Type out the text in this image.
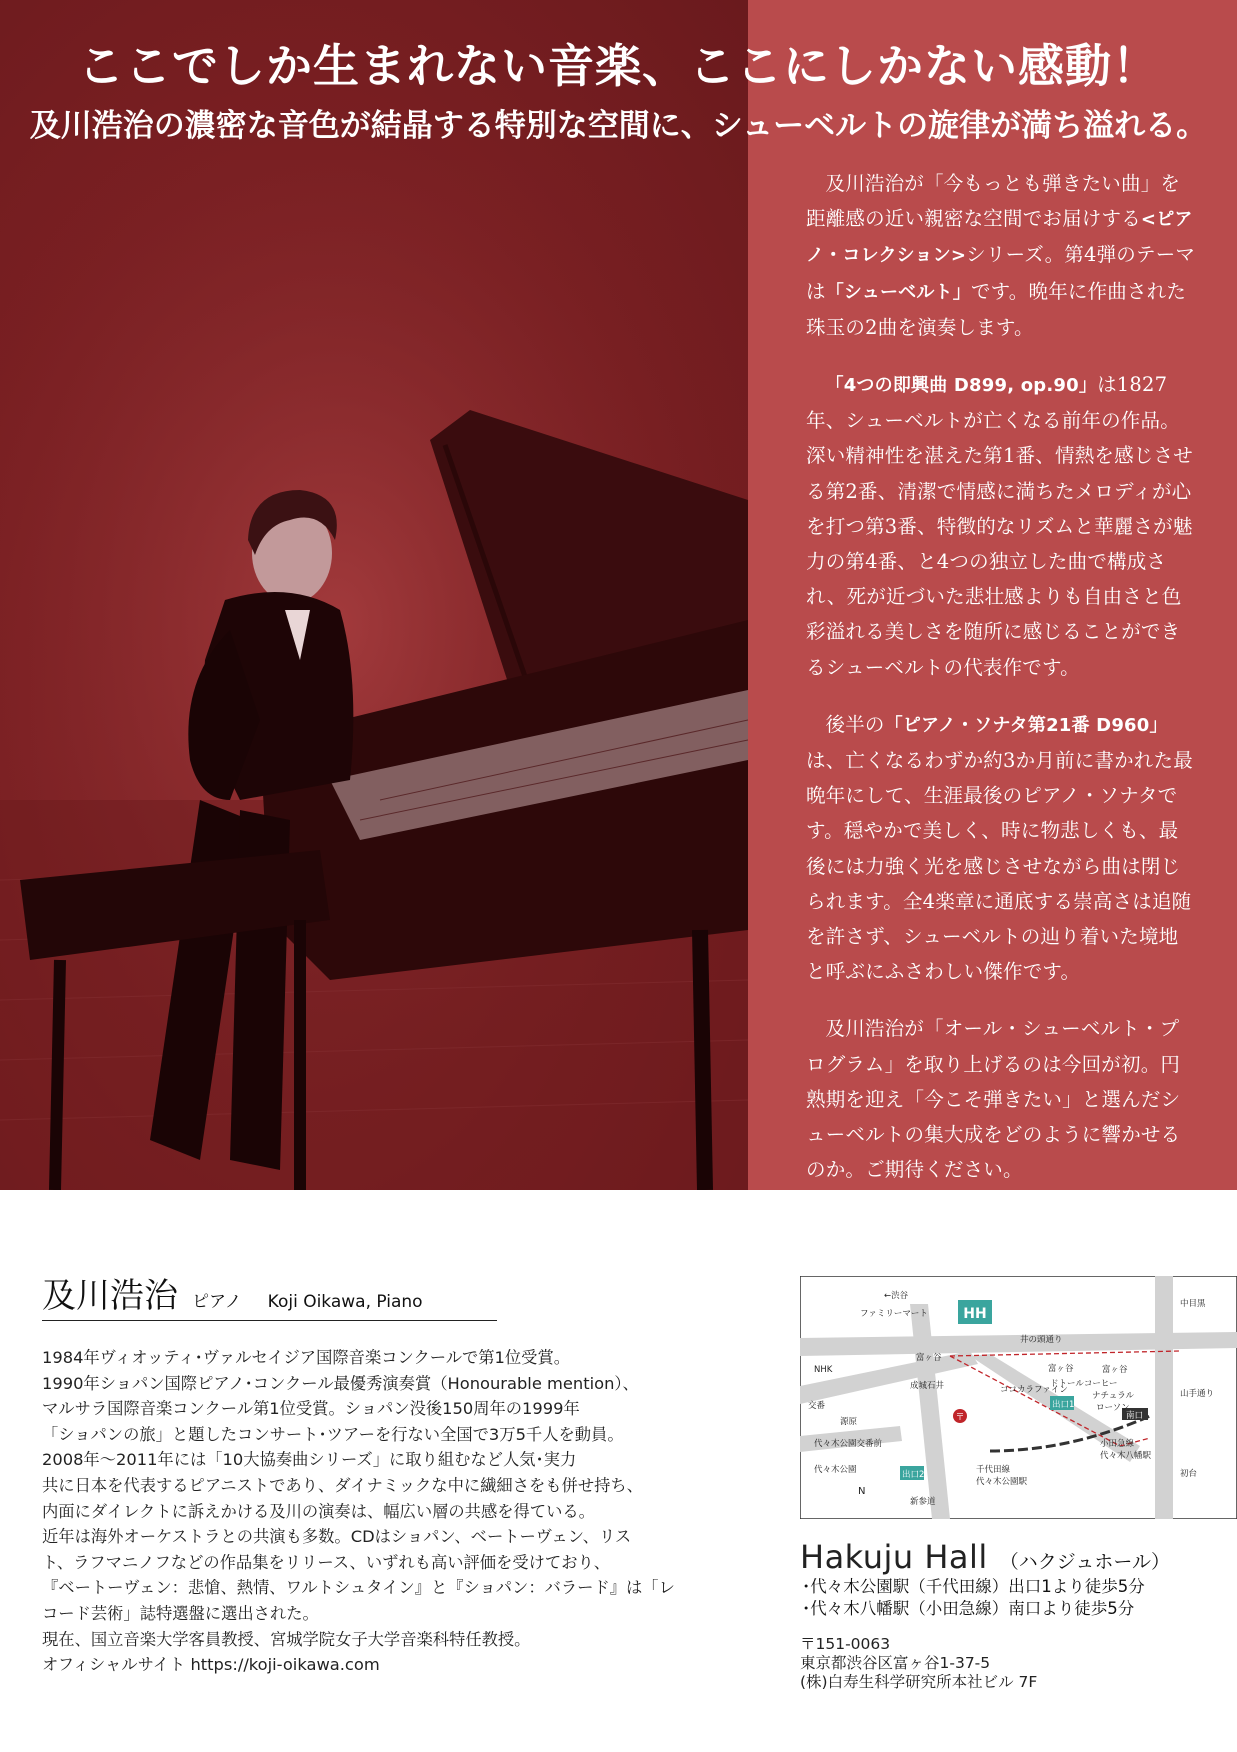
ここでしか生まれない音楽、ここにしかない感動！
及川浩治の濃密な音色が結晶する特別な空間に、シューベルトの旋律が満ち溢れる。

及川浩治が「今もっとも弾きたい曲」を距離感の近い親密な空間でお届けする<ピアノ・コレクション>シリーズ。第4弾のテーマは「シューベルト」です。晩年に作曲された珠玉の2曲を演奏します。

「4つの即興曲 D899, op.90」は1827年、シューベルトが亡くなる前年の作品。深い精神性を湛えた第1番、情熱を感じさせる第2番、清潔で情感に満ちたメロディが心を打つ第3番、特徴的なリズムと華麗さが魅力の第4番、と4つの独立した曲で構成され、死が近づいた悲壮感よりも自由さと色彩溢れる美しさを随所に感じることができるシューベルトの代表作です。

後半の「ピアノ・ソナタ第21番 D960」は、亡くなるわずか約3か月前に書かれた最晩年にして、生涯最後のピアノ・ソナタです。穏やかで美しく、時に物悲しくも、最後には力強く光を感じさせながら曲は閉じられます。全4楽章に通底する崇高さは追随を許さず、シューベルトの辿り着いた境地と呼ぶにふさわしい傑作です。

及川浩治が「オール・シューベルト・プログラム」を取り上げるのは今回が初。円熟期を迎え「今こそ弾きたい」と選んだシューベルトの集大成をどのように響かせるのか。ご期待ください。

及川浩治 ピアノ Koji Oikawa, Piano
1984年ヴィオッティ･ヴァルセイジア国際音楽コンクールで第1位受賞。
1990年ショパン国際ピアノ･コンクール最優秀演奏賞（Honourable mention）、
マルサラ国際音楽コンクール第1位受賞。ショパン没後150周年の1999年
「ショパンの旅」と題したコンサート･ツアーを行ない全国で3万5千人を動員。
2008年～2011年には「10大協奏曲シリーズ」に取り組むなど人気･実力
共に日本を代表するピアニストであり、ダイナミックな中に繊細さをも併せ持ち、
内面にダイレクトに訴えかける及川の演奏は、幅広い層の共感を得ている。
近年は海外オーケストラとの共演も多数。CDはショパン、ベートーヴェン、リス
ト、ラフマニノフなどの作品集をリリース、いずれも高い評価を受けており、
『ベートーヴェン：悲愴、熱情、ワルトシュタイン』と『ショパン：バラード』は「レ
コード芸術」誌特選盤に選出された。
現在、国立音楽大学客員教授、宮城学院女子大学音楽科特任教授。
オフィシャルサイト https://koji-oikawa.com
HH
〒
←渋谷
ファミリーマート
井の頭通り
NHK
交番
富ヶ谷
富ヶ谷	富ヶ谷
源原
成城石井	ココカラファイン
ドトールコーヒー
ナチュラル
ローソン
代々木公園交番前
代々木公園	出口2
出口1
南口
千代田線
代々木公園駅
小田急線
代々木八幡駅
新参道
山手通り
中目黒
初台
N
Hakuju Hall （ハクジュホール）
･代々木公園駅（千代田線）出口1より徒歩5分
･代々木八幡駅（小田急線）南口より徒歩5分
〒151-0063
東京都渋谷区富ヶ谷1-37-5
(株)白寿生科学研究所本社ビル 7F
